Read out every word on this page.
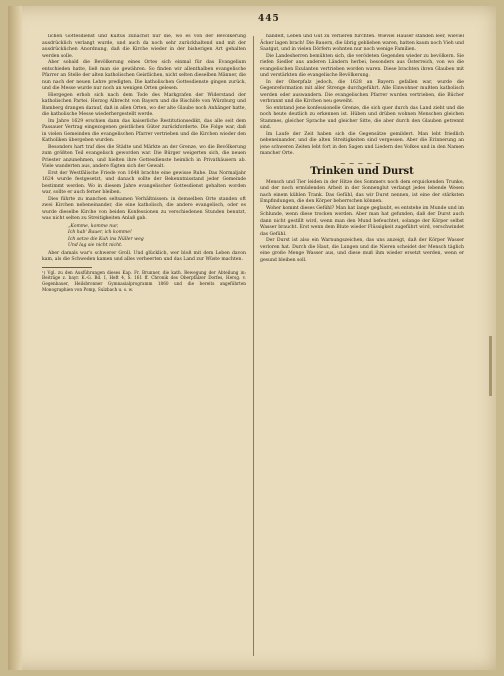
445

lichen Gottesdienst und Kultus zunächst nur die, wo es von der Bevölkerung ausdrücklich verlangt wurde, und auch da noch sehr zurückhaltend und mit der ausdrücklichen Anordnung, daß die Kirche wieder in der bisherigen Art gehalten werden solle.

Aber sobald die Bevölkerung eines Ortes sich einmal für das Evangelium entschieden hatte, ließ man sie gewähren. So finden wir allenthalben evangelische Pfarrer an Stelle der alten katholischen Geistlichen, nicht selten dieselben Männer, die nun nach der neuen Lehre predigten. Die katholischen Gottesdienste gingen zurück, und die Messe wurde nur noch an wenigen Orten gelesen.

Hiergegen erhob sich nach dem Tode des Markgrafen der Widerstand der katholischen Partei. Herzog Albrecht von Bayern und die Bischöfe von Würzburg und Bamberg drangen darauf, daß in allen Orten, wo der alte Glaube noch Anhänger hatte, die katholische Messe wiederhergestellt werde.

Im Jahre 1629 erschien dann das kaiserliche Restitutionsedikt, das alle seit dem Passauer Vertrag eingezogenen geistlichen Güter zurückforderte. Die Folge war, daß in vielen Gemeinden die evangelischen Pfarrer vertrieben und die Kirchen wieder den Katholiken übergeben wurden.

Besonders hart traf dies die Städte und Märkte an der Grenze, wo die Bevölkerung zum größten Teil evangelisch geworden war. Die Bürger weigerten sich, die neuen Priester anzunehmen, und hielten ihre Gottesdienste heimlich in Privathäusern ab. Viele wanderten aus, andere fügten sich der Gewalt.

Erst der Westfälische Friede von 1648 brachte eine gewisse Ruhe. Das Normaljahr 1624 wurde festgesetzt, und danach sollte der Bekenntnisstand jeder Gemeinde bestimmt werden. Wo in diesem Jahre evangelischer Gottesdienst gehalten worden war, sollte er auch ferner bleiben.

Dies führte zu manchen seltsamen Verhältnissen: in demselben Orte standen oft zwei Kirchen nebeneinander, die eine katholisch, die andere evangelisch, oder es wurde dieselbe Kirche von beiden Konfessionen zu verschiedenen Stunden benutzt, was nicht selten zu Streitigkeiten Anlaß gab.

„Komme, komme nur,
Ich hab' Bauer, ich komme!
Ich setze die Kuh ins Nüller weg
Und lag sie nicht nicht.

Aber damals war's schwerer Groll. Und glücklich, wer bloß mit dem Leben davon kam, als die Schweden kamen und alles verheerten und das Land zur Wüste machten.

¹) Vgl. zu den Ausführungen dieses Kap. Fr. Brunner, die kath. Bewegung der Abteilung in: Beiträge z. bayr. K.-G. Bd. I, Heft 4, S. 161 ff. Chronik des Oberpfälzer Dorfes, Hersg. v. Gegenbauer, Heilsbronner Gymnasialprogramm 1860 und die bereits angeführten Monographien von Pomp, Sulzbach u. s. w.

handelt, Leben und Gut zu verlieren fürchten. Wieviel Häuser standen leer, wieviel Äcker lagen brach! Die Bauern, die übrig geblieben waren, hatten kaum noch Vieh und Saatgut, und in vielen Dörfern wohnten nur noch wenige Familien.

Die Landesherren bemühten sich, die verödeten Gegenden wieder zu bevölkern. Sie riefen Siedler aus anderen Ländern herbei, besonders aus Österreich, von wo die evangelischen Exulanten vertrieben worden waren. Diese brachten ihren Glauben mit und verstärkten die evangelische Bevölkerung.

In der Oberpfalz jedoch, die 1628 an Bayern gefallen war, wurde die Gegenreformation mit aller Strenge durchgeführt. Alle Einwohner mußten katholisch werden oder auswandern. Die evangelischen Pfarrer wurden vertrieben, die Bücher verbrannt und die Kirchen neu geweiht.

So entstand jene konfessionelle Grenze, die sich quer durch das Land zieht und die noch heute deutlich zu erkennen ist. Hüben und drüben wohnen Menschen gleichen Stammes, gleicher Sprache und gleicher Sitte, die aber durch den Glauben getrennt sind.

Im Laufe der Zeit haben sich die Gegensätze gemildert. Man lebt friedlich nebeneinander, und die alten Streitigkeiten sind vergessen. Aber die Erinnerung an jene schweren Zeiten lebt fort in den Sagen und Liedern des Volkes und in den Namen mancher Orte.

~~~~~
Trinken und Durst

Mensch und Tier leiden in der Hitze des Sommers noch dem erquickenden Trunke, und der noch ermüdenden Arbeit in der Sonnenglut verlangt jedes lebende Wesen nach einem kühlen Trank. Das Gefühl, das wir Durst nennen, ist eine der stärksten Empfindungen, die den Körper beherrschen können.

Woher kommt dieses Gefühl? Man hat lange geglaubt, es entstehe im Munde und im Schlunde, wenn diese trocken werden. Aber man hat gefunden, daß der Durst auch dann nicht gestillt wird, wenn man den Mund befeuchtet, solange der Körper selbst Wasser braucht. Erst wenn dem Blute wieder Flüssigkeit zugeführt wird, verschwindet das Gefühl.

Der Durst ist also ein Warnungszeichen, das uns anzeigt, daß der Körper Wasser verloren hat. Durch die Haut, die Lungen und die Nieren scheidet der Mensch täglich eine große Menge Wasser aus, und diese muß ihm wieder ersetzt werden, wenn er gesund bleiben soll.
